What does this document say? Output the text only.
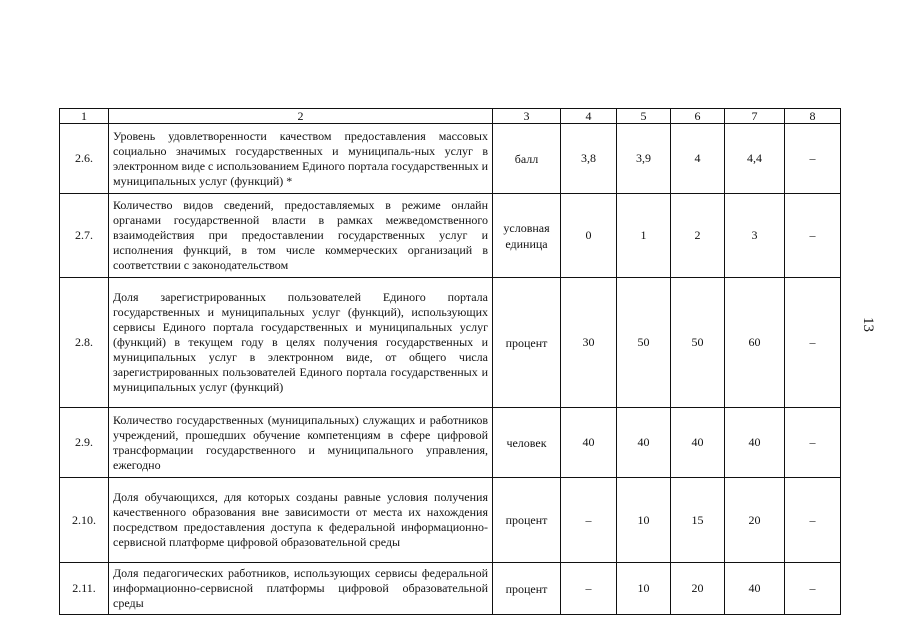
1	2	3	4	5	6	7	8
2.6.	Уровень удовлетворенности качеством предоставления массовых социально значимых государственных и муниципаль-ных услуг в электронном виде с использованием Единого портала государственных и муниципальных услуг (функций) *	балл	3,8	3,9	4	4,4	–
2.7.	Количество видов сведений, предоставляемых в режиме онлайн органами государственной власти в рамках межведомственного взаимодействия при предоставлении государственных услуг и исполнения функций, в том числе коммерческих организаций в соответствии с законодательством	условная единица	0	1	2	3	–
2.8.	Доля зарегистрированных пользователей Единого портала государственных и муниципальных услуг (функций), использующих сервисы Единого портала государственных и муниципальных услуг (функций) в текущем году в целях получения государственных и муниципальных услуг в электронном виде, от общего числа зарегистрированных пользователей Единого портала государственных и муниципальных услуг (функций)	процент	30	50	50	60	–
2.9.	Количество государственных (муниципальных) служащих и работников учреждений, прошедших обучение компетенциям в сфере цифровой трансформации государственного и муниципального управления, ежегодно	человек	40	40	40	40	–
2.10.	Доля обучающихся, для которых созданы равные условия получения качественного образования вне зависимости от места их нахождения посредством предоставления доступа к федеральной информационно-сервисной платформе цифровой образовательной среды	процент	–	10	15	20	–
2.11.	Доля педагогических работников, использующих сервисы федеральной информационно-сервисной платформы цифровой образовательной среды	процент	–	10	20	40	–
13
